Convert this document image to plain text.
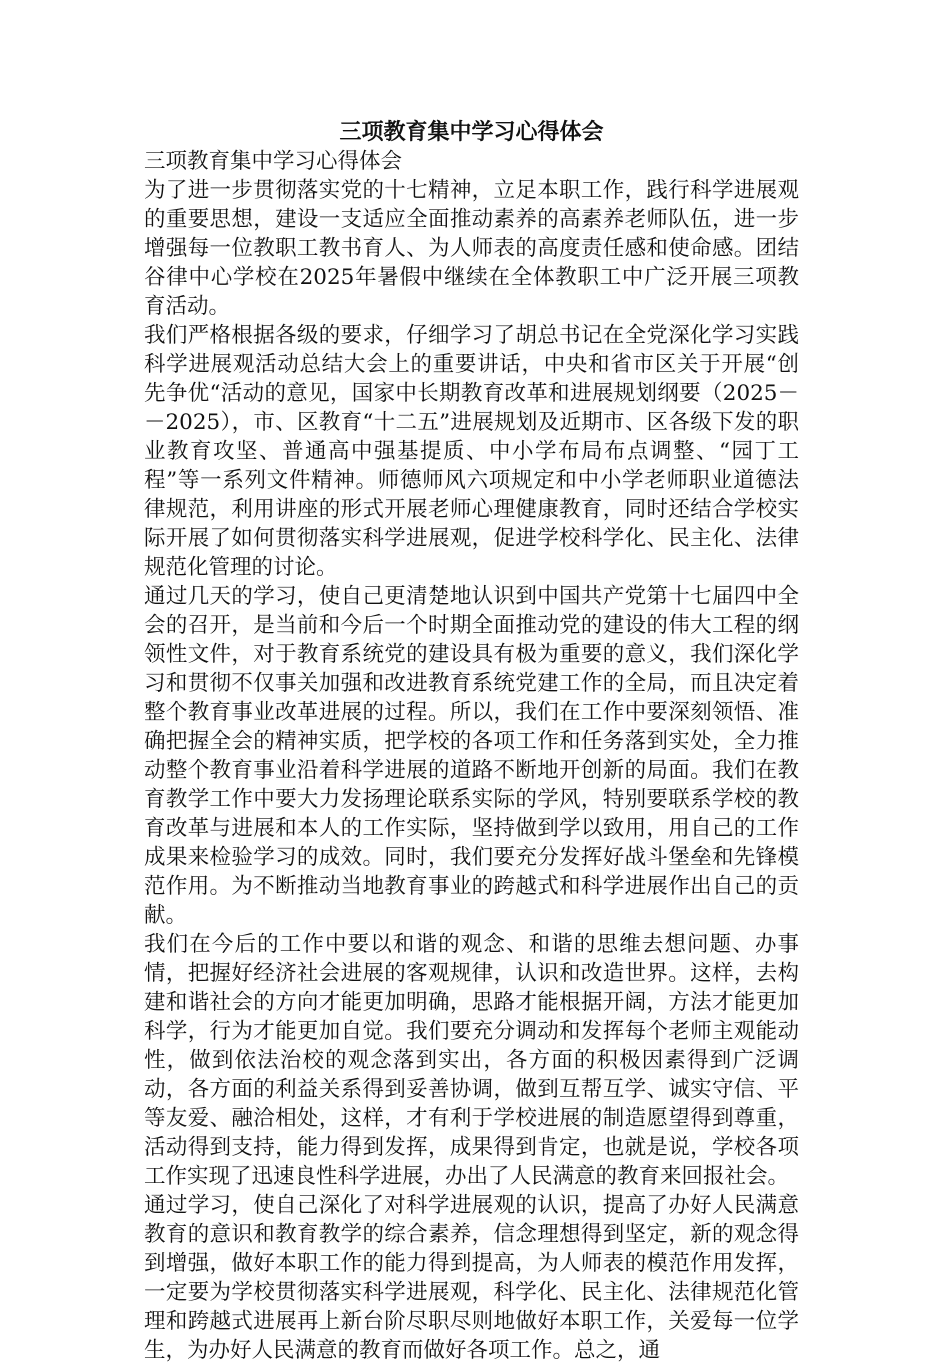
三项教育集中学习心得体会

三项教育集中学习心得体会

为了进一步贯彻落实党的十七精神，立足本职工作，践行科学进展观的重要思想，建设一支适应全面推动素养的高素养老师队伍，进一步增强每一位教职工教书育人、为人师表的高度责任感和使命感。团结谷律中心学校在2025年暑假中继续在全体教职工中广泛开展三项教育活动。

我们严格根据各级的要求，仔细学习了胡总书记在全党深化学习实践科学进展观活动总结大会上的重要讲话，中央和省市区关于开展“创先争优“活动的意见，国家中长期教育改革和进展规划纲要（2025－－2025），市、区教育“十二五”进展规划及近期市、区各级下发的职业教育攻坚、普通高中强基提质、中小学布局布点调整、“园丁工程”等一系列文件精神。师德师风六项规定和中小学老师职业道德法律规范，利用讲座的形式开展老师心理健康教育，同时还结合学校实际开展了如何贯彻落实科学进展观，促进学校科学化、民主化、法律规范化管理的讨论。

通过几天的学习，使自己更清楚地认识到中国共产党第十七届四中全会的召开，是当前和今后一个时期全面推动党的建设的伟大工程的纲领性文件，对于教育系统党的建设具有极为重要的意义，我们深化学习和贯彻不仅事关加强和改进教育系统党建工作的全局，而且决定着整个教育事业改革进展的过程。所以，我们在工作中要深刻领悟、准确把握全会的精神实质，把学校的各项工作和任务落到实处，全力推动整个教育事业沿着科学进展的道路不断地开创新的局面。我们在教育教学工作中要大力发扬理论联系实际的学风，特别要联系学校的教育改革与进展和本人的工作实际，坚持做到学以致用，用自己的工作成果来检验学习的成效。同时，我们要充分发挥好战斗堡垒和先锋模范作用。为不断推动当地教育事业的跨越式和科学进展作出自己的贡献。

我们在今后的工作中要以和谐的观念、和谐的思维去想问题、办事情，把握好经济社会进展的客观规律，认识和改造世界。这样，去构建和谐社会的方向才能更加明确，思路才能根据开阔，方法才能更加科学，行为才能更加自觉。我们要充分调动和发挥每个老师主观能动性，做到依法治校的观念落到实出，各方面的积极因素得到广泛调动，各方面的利益关系得到妥善协调，做到互帮互学、诚实守信、平等友爱、融洽相处，这样，才有利于学校进展的制造愿望得到尊重，活动得到支持，能力得到发挥，成果得到肯定，也就是说，学校各项工作实现了迅速良性科学进展，办出了人民满意的教育来回报社会。

通过学习，使自己深化了对科学进展观的认识，提高了办好人民满意教育的意识和教育教学的综合素养，信念理想得到坚定，新的观念得到增强，做好本职工作的能力得到提高，为人师表的模范作用发挥，一定要为学校贯彻落实科学进展观，科学化、民主化、法律规范化管理和跨越式进展再上新台阶尽职尽则地做好本职工作，关爱每一位学生，为办好人民满意的教育而做好各项工作。总之，通
